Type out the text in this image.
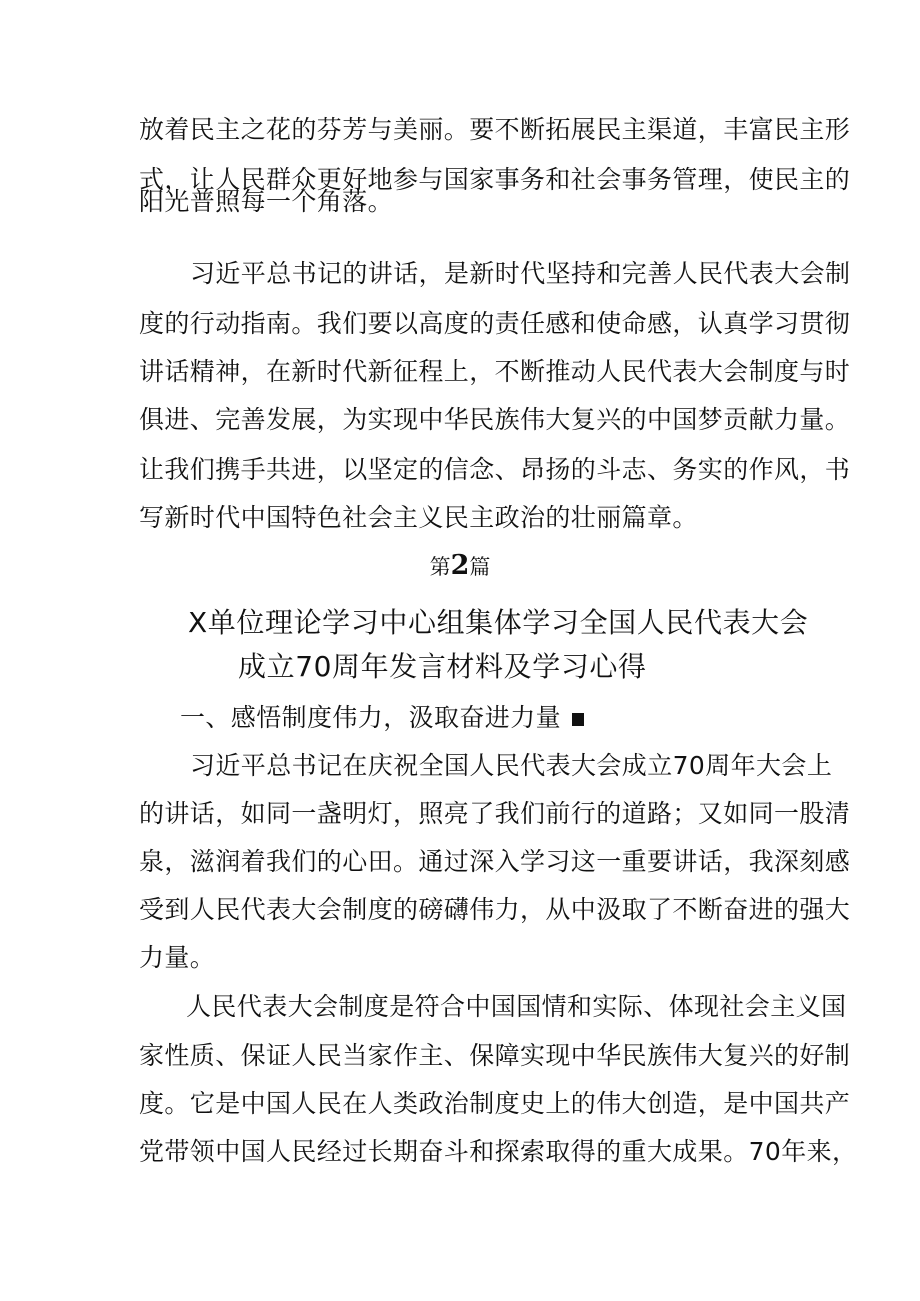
放着民主之花的芬芳与美丽。要不断拓展民主渠道，丰富民主形
式，让人民群众更好地参与国家事务和社会事务管理，使民主的
阳光普照每一个角落。
习近平总书记的讲话，是新时代坚持和完善人民代表大会制
度的行动指南。我们要以高度的责任感和使命感，认真学习贯彻
讲话精神，在新时代新征程上，不断推动人民代表大会制度与时
俱进、完善发展，为实现中华民族伟大复兴的中国梦贡献力量。
让我们携手共进，以坚定的信念、昂扬的斗志、务实的作风，书
写新时代中国特色社会主义民主政治的壮丽篇章。
第2篇
X单位理论学习中心组集体学习全国人民代表大会
成立70周年发言材料及学习心得
一、感悟制度伟力，汲取奋进力量
习近平总书记在庆祝全国人民代表大会成立70周年大会上
的讲话，如同一盏明灯，照亮了我们前行的道路；又如同一股清
泉，滋润着我们的心田。通过深入学习这一重要讲话，我深刻感
受到人民代表大会制度的磅礴伟力，从中汲取了不断奋进的强大
力量。
人民代表大会制度是符合中国国情和实际、体现社会主义国
家性质、保证人民当家作主、保障实现中华民族伟大复兴的好制
度。它是中国人民在人类政治制度史上的伟大创造，是中国共产
党带领中国人民经过长期奋斗和探索取得的重大成果。70年来，
